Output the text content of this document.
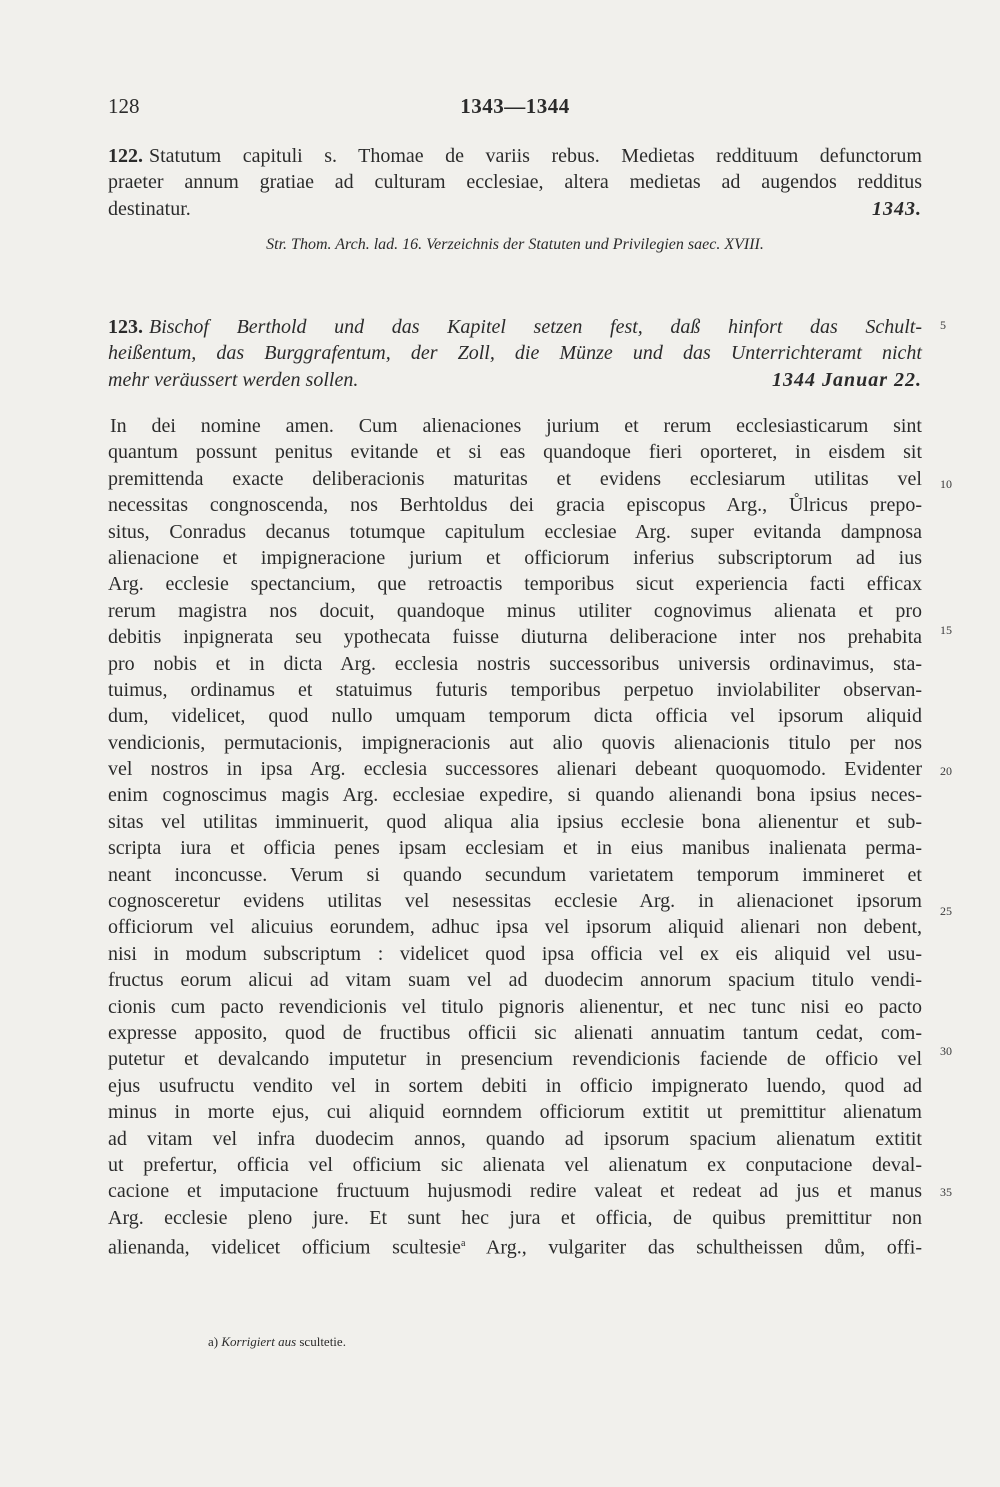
128	1343—1344
122. Statutum capituli s. Thomae de variis rebus. Medietas reddituum defunctorum
praeter annum gratiae ad culturam ecclesiae, altera medietas ad augendos redditus
destinatur.	1343.
Str. Thom. Arch. lad. 16. Verzeichnis der Statuten und Privilegien saec. XVIII.
123. Bischof Berthold und das Kapitel setzen fest, daß hinfort das Schult-
heißentum, das Burggrafentum, der Zoll, die Münze und das Unterrichteramt nicht
mehr veräussert werden sollen.	1344 Januar 22.
In dei nomine amen. Cum alienaciones jurium et rerum ecclesiasticarum sint
quantum possunt penitus evitande et si eas quandoque fieri oporteret, in eisdem sit
premittenda exacte deliberacionis maturitas et evidens ecclesiarum utilitas vel
necessitas congnoscenda, nos Berhtoldus dei gracia episcopus Arg., Ůlricus prepo-
situs, Conradus decanus totumque capitulum ecclesiae Arg. super evitanda dampnosa
alienacione et impigneracione jurium et officiorum inferius subscriptorum ad ius
Arg. ecclesie spectancium, que retroactis temporibus sicut experiencia facti efficax
rerum magistra nos docuit, quandoque minus utiliter cognovimus alienata et pro
debitis inpignerata seu ypothecata fuisse diuturna deliberacione inter nos prehabita
pro nobis et in dicta Arg. ecclesia nostris successoribus universis ordinavimus, sta-
tuimus, ordinamus et statuimus futuris temporibus perpetuo inviolabiliter observan-
dum, videlicet, quod nullo umquam temporum dicta officia vel ipsorum aliquid
vendicionis, permutacionis, impigneracionis aut alio quovis alienacionis titulo per nos
vel nostros in ipsa Arg. ecclesia successores alienari debeant quoquomodo. Evidenter
enim cognoscimus magis Arg. ecclesiae expedire, si quando alienandi bona ipsius neces-
sitas vel utilitas imminuerit, quod aliqua alia ipsius ecclesie bona alienentur et sub-
scripta iura et officia penes ipsam ecclesiam et in eius manibus inalienata perma-
neant inconcusse. Verum si quando secundum varietatem temporum immineret et
cognosceretur evidens utilitas vel nesessitas ecclesie Arg. in alienacionet ipsorum
officiorum vel alicuius eorundem, adhuc ipsa vel ipsorum aliquid alienari non debent,
nisi in modum subscriptum : videlicet quod ipsa officia vel ex eis aliquid vel usu-
fructus eorum alicui ad vitam suam vel ad duodecim annorum spacium titulo vendi-
cionis cum pacto revendicionis vel titulo pignoris alienentur, et nec tunc nisi eo pacto
expresse apposito, quod de fructibus officii sic alienati annuatim tantum cedat, com-
putetur et devalcando imputetur in presencium revendicionis faciende de officio vel
ejus usufructu vendito vel in sortem debiti in officio impignerato luendo, quod ad
minus in morte ejus, cui aliquid eornndem officiorum extitit ut premittitur alienatum
ad vitam vel infra duodecim annos, quando ad ipsorum spacium alienatum extitit
ut prefertur, officia vel officium sic alienata vel alienatum ex conputacione deval-
cacione et imputacione fructuum hujusmodi redire valeat et redeat ad jus et manus
Arg. ecclesie pleno jure. Et sunt hec jura et officia, de quibus premittitur non
alienanda, videlicet officium scultesie$^a$ Arg., vulgariter das schultheissen dům, offi-
5
10
15
20
25
30
35
a) Korrigiert aus scultetie.
